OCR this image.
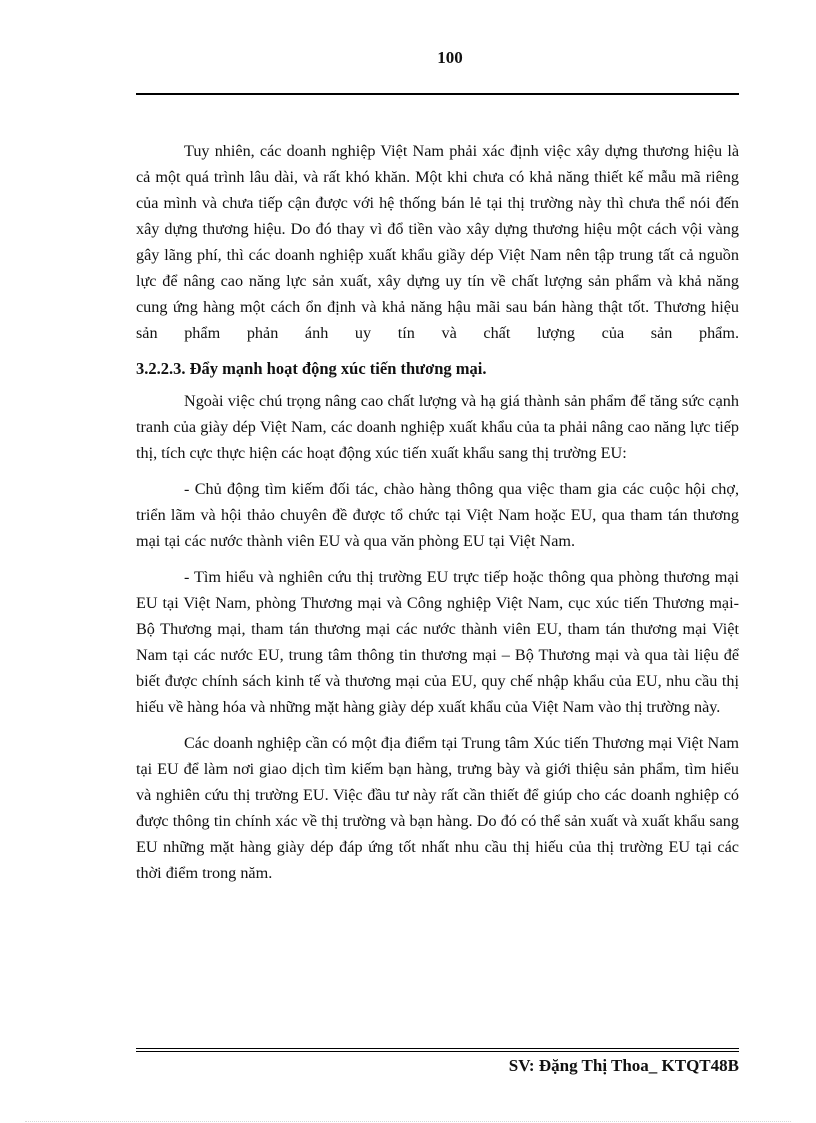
100

Tuy nhiên, các doanh nghiệp Việt Nam phải xác định việc xây dựng thương hiệu là cả một quá trình lâu dài, và rất khó khăn. Một khi chưa có khả năng thiết kế mẫu mã riêng của mình và chưa tiếp cận được với hệ thống bán lẻ tại thị trường này thì chưa thể nói đến xây dựng thương hiệu. Do đó thay vì đổ tiền vào xây dựng thương hiệu một cách vội vàng gây lãng phí, thì các doanh nghiệp xuất khẩu giầy dép Việt Nam nên tập trung tất cả nguồn lực để nâng cao năng lực sản xuất, xây dựng uy tín về chất lượng sản phẩm và khả năng cung ứng hàng một cách ổn định và khả năng hậu mãi sau bán hàng thật tốt. Thương hiệu sản phẩm phản ánh uy tín và chất lượng của sản phẩm.

3.2.2.3. Đẩy mạnh hoạt động xúc tiến thương mại.

Ngoài việc chú trọng nâng cao chất lượng và hạ giá thành sản phẩm để tăng sức cạnh tranh của giày dép Việt Nam, các doanh nghiệp xuất khẩu của ta phải nâng cao năng lực tiếp thị, tích cực thực hiện các hoạt động xúc tiến xuất khẩu sang thị trường EU:

- Chủ động tìm kiếm đối tác, chào hàng thông qua việc tham gia các cuộc hội chợ, triển lãm và hội thảo chuyên đề được tổ chức tại Việt Nam hoặc EU, qua tham tán thương mại tại các nước thành viên EU và qua văn phòng EU tại Việt Nam.

- Tìm hiểu và nghiên cứu thị trường EU trực tiếp hoặc thông qua phòng thương mại EU tại Việt Nam, phòng Thương mại và Công nghiệp Việt Nam, cục xúc tiến Thương mại-Bộ Thương mại, tham tán thương mại các nước thành viên EU, tham tán thương mại Việt Nam tại các nước EU, trung tâm thông tin thương mại – Bộ Thương mại và qua tài liệu để biết được chính sách kinh tế và thương mại của EU, quy chế nhập khẩu của EU, nhu cầu thị hiếu về hàng hóa và những mặt hàng giày dép xuất khẩu của Việt Nam vào thị trường này.

Các doanh nghiệp cần có một địa điểm tại Trung tâm Xúc tiến Thương mại Việt Nam tại EU để làm nơi giao dịch tìm kiếm bạn hàng, trưng bày và giới thiệu sản phẩm, tìm hiểu và nghiên cứu thị trường EU. Việc đầu tư này rất cần thiết để giúp cho các doanh nghiệp có được thông tin chính xác về thị trường và bạn hàng. Do đó có thể sản xuất và xuất khẩu sang EU những mặt hàng giày dép đáp ứng tốt nhất nhu cầu thị hiếu của thị trường EU tại các thời điểm trong năm.

SV: Đặng Thị Thoa_ KTQT48B
